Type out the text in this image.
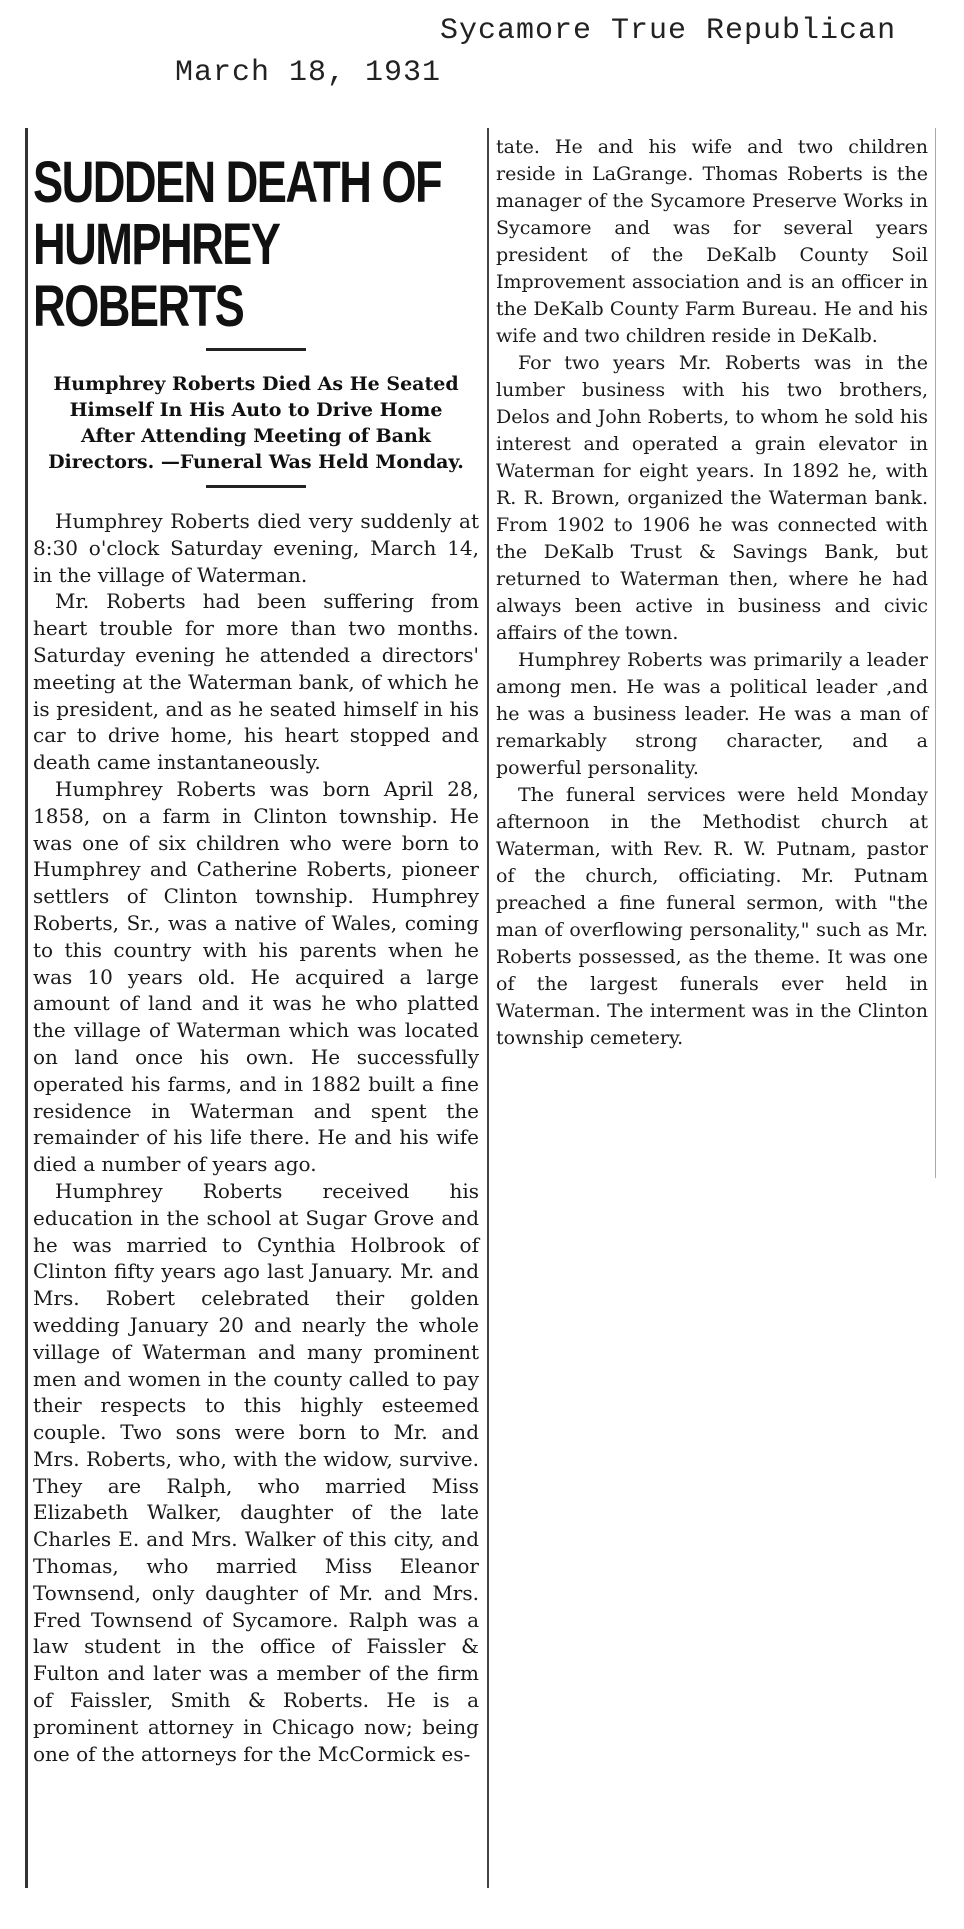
Sycamore True Republican
March 18, 1931
SUDDEN DEATH OF
HUMPHREY ROBERTS
Humphrey Roberts Died As He Seated Himself In His Auto to Drive Home After Attending Meeting of Bank Directors. —Funeral Was Held Monday.

Humphrey Roberts died very suddenly at 8:30 o'clock Saturday evening, March 14, in the village of Waterman.

Mr. Roberts had been suffering from heart trouble for more than two months. Saturday evening he attended a directors' meeting at the Waterman bank, of which he is president, and as he seated himself in his car to drive home, his heart stopped and death came instantaneously.

Humphrey Roberts was born April 28, 1858, on a farm in Clinton township. He was one of six children who were born to Humphrey and Catherine Roberts, pioneer settlers of Clinton township. Humphrey Roberts, Sr., was a native of Wales, coming to this country with his parents when he was 10 years old. He acquired a large amount of land and it was he who platted the village of Waterman which was located on land once his own. He successfully operated his farms, and in 1882 built a fine residence in Waterman and spent the remainder of his life there. He and his wife died a number of years ago.

Humphrey Roberts received his education in the school at Sugar Grove and he was married to Cynthia Holbrook of Clinton fifty years ago last January. Mr. and Mrs. Robert celebrated their golden wedding January 20 and nearly the whole village of Waterman and many prominent men and women in the county called to pay their respects to this highly esteemed couple. Two sons were born to Mr. and Mrs. Roberts, who, with the widow, survive. They are Ralph, who married Miss Elizabeth Walker, daughter of the late Charles E. and Mrs. Walker of this city, and Thomas, who married Miss Eleanor Townsend, only daughter of Mr. and Mrs. Fred Townsend of Sycamore. Ralph was a law student in the office of Faissler & Fulton and later was a member of the firm of Faissler, Smith & Roberts. He is a prominent attorney in Chicago now; being one of the attorneys for the McCormick es-

tate. He and his wife and two children reside in LaGrange. Thomas Roberts is the manager of the Sycamore Preserve Works in Sycamore and was for several years president of the DeKalb County Soil Improvement association and is an officer in the DeKalb County Farm Bureau. He and his wife and two children reside in DeKalb.

For two years Mr. Roberts was in the lumber business with his two brothers, Delos and John Roberts, to whom he sold his interest and operated a grain elevator in Waterman for eight years. In 1892 he, with R. R. Brown, organized the Waterman bank. From 1902 to 1906 he was connected with the DeKalb Trust & Savings Bank, but returned to Waterman then, where he had always been active in business and civic affairs of the town.

Humphrey Roberts was primarily a leader among men. He was a political leader ,and he was a business leader. He was a man of remarkably strong character, and a powerful personality.

The funeral services were held Monday afternoon in the Methodist church at Waterman, with Rev. R. W. Putnam, pastor of the church, officiating. Mr. Putnam preached a fine funeral sermon, with "the man of overflowing personality," such as Mr. Roberts possessed, as the theme. It was one of the largest funerals ever held in Waterman. The interment was in the Clinton township cemetery.
